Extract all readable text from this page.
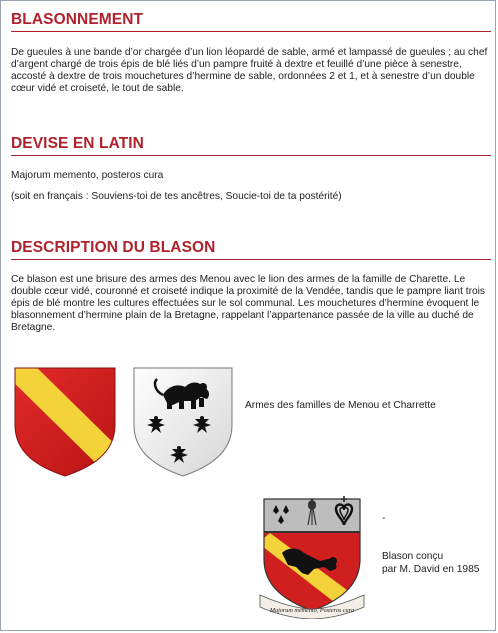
BLASONNEMENT
De gueules à une bande d’or chargée d’un lion léopardé de sable, armé et lampassé de gueules ; au chef d’argent chargé de trois épis de blé liés d’un pampre fruité à dextre et feuillé d’une pièce à senestre, accosté à dextre de trois mouchetures d’hermine de sable, ordonnées 2 et 1, et à senestre d’un double cœur vidé et croiseté, le tout de sable.
DEVISE EN LATIN
Majorum memento, posteros cura
(soit en français : Souviens-toi de tes ancêtres, Soucie-toi de ta postérité)
DESCRIPTION DU BLASON
Ce blason est une brisure des armes des Menou avec le lion des armes de la famille de Charette. Le double cœur vidé, couronné et croiseté indique la proximité de la Vendée, tandis que le pampre liant trois épis de blé montre les cultures effectuées sur le sol communal. Les mouchetures d’hermine évoquent le blasonnement d’hermine plain de la Bretagne, rappelant l’appartenance passée de la ville au duché de Bretagne.
Armes des familles de Menou et Charrette
Majorum memento, Posteros cura
-
Blason conçu
par M. David en 1985
